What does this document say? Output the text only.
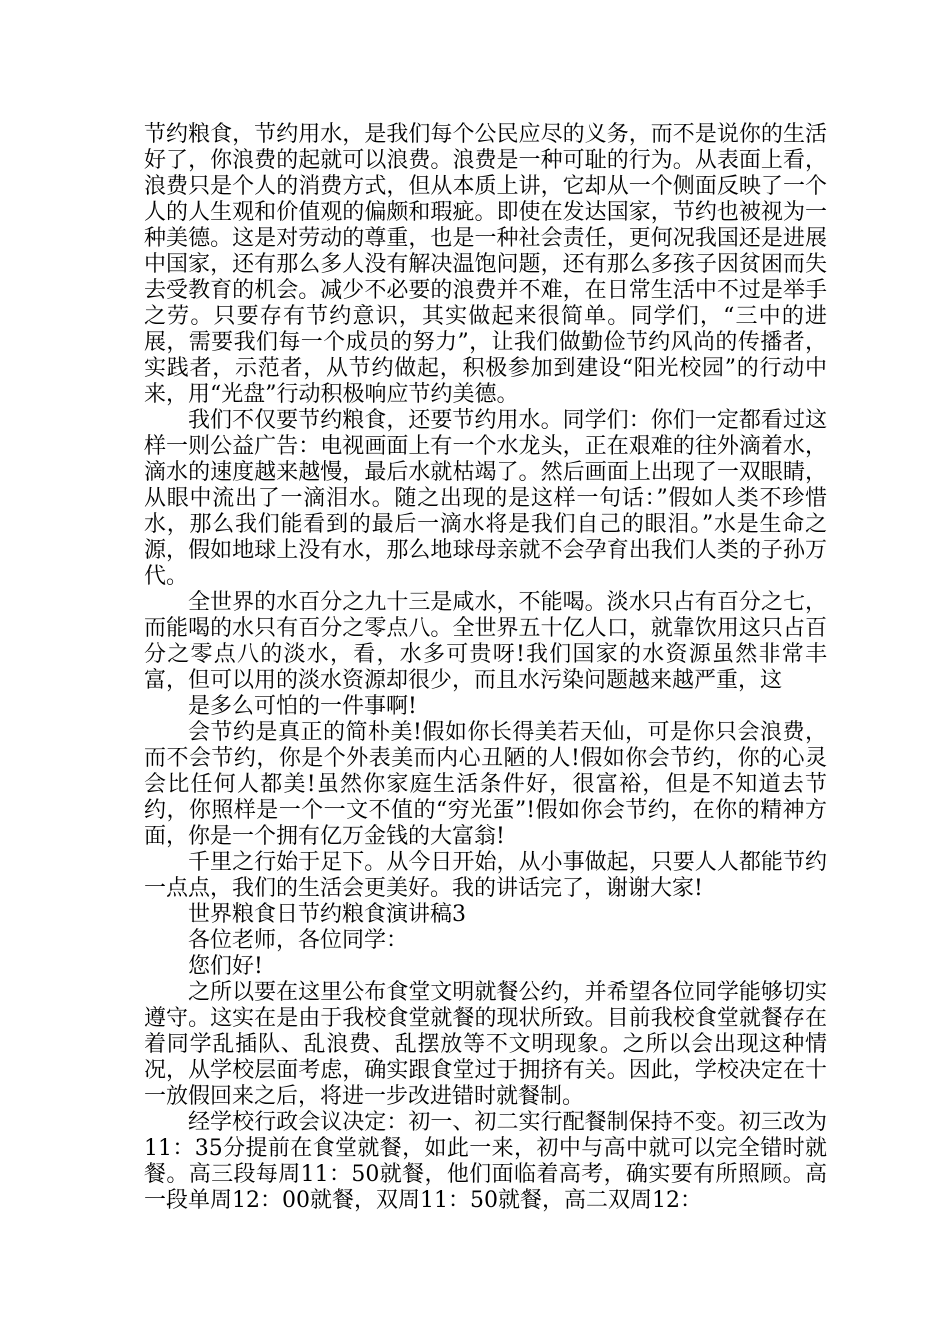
节约粮食，节约用水，是我们每个公民应尽的义务，而不是说你的生活好了，你浪费的起就可以浪费。浪费是一种可耻的行为。从表面上看，浪费只是个人的消费方式，但从本质上讲，它却从一个侧面反映了一个人的人生观和价值观的偏颇和瑕疵。即使在发达国家，节约也被视为一种美德。这是对劳动的尊重，也是一种社会责任，更何况我国还是进展中国家，还有那么多人没有解决温饱问题，还有那么多孩子因贫困而失去受教育的机会。减少不必要的浪费并不难，在日常生活中不过是举手之劳。只要存有节约意识，其实做起来很简单。同学们，“三中的进展，需要我们每一个成员的努力”，让我们做勤俭节约风尚的传播者，实践者，示范者，从节约做起，积极参加到建设“阳光校园”的行动中来，用“光盘”行动积极响应节约美德。

我们不仅要节约粮食，还要节约用水。同学们：你们一定都看过这样一则公益广告：电视画面上有一个水龙头，正在艰难的往外滴着水，滴水的速度越来越慢，最后水就枯竭了。然后画面上出现了一双眼睛，从眼中流出了一滴泪水。随之出现的是这样一句话：”假如人类不珍惜水，那么我们能看到的最后一滴水将是我们自己的眼泪。”水是生命之源，假如地球上没有水，那么地球母亲就不会孕育出我们人类的子孙万代。

全世界的水百分之九十三是咸水，不能喝。淡水只占有百分之七，而能喝的水只有百分之零点八。全世界五十亿人口，就靠饮用这只占百分之零点八的淡水，看，水多可贵呀!我们国家的水资源虽然非常丰富，但可以用的淡水资源却很少，而且水污染问题越来越严重，这

是多么可怕的一件事啊!

会节约是真正的简朴美!假如你长得美若天仙，可是你只会浪费，而不会节约，你是个外表美而内心丑陋的人!假如你会节约，你的心灵会比任何人都美!虽然你家庭生活条件好，很富裕，但是不知道去节约，你照样是一个一文不值的“穷光蛋”!假如你会节约，在你的精神方面，你是一个拥有亿万金钱的大富翁!

千里之行始于足下。从今日开始，从小事做起，只要人人都能节约一点点，我们的生活会更美好。我的讲话完了，谢谢大家!

世界粮食日节约粮食演讲稿3

各位老师，各位同学：

您们好!

之所以要在这里公布食堂文明就餐公约，并希望各位同学能够切实遵守。这实在是由于我校食堂就餐的现状所致。目前我校食堂就餐存在着同学乱插队、乱浪费、乱摆放等不文明现象。之所以会出现这种情况，从学校层面考虑，确实跟食堂过于拥挤有关。因此，学校决定在十一放假回来之后，将进一步改进错时就餐制。

经学校行政会议决定：初一、初二实行配餐制保持不变。初三改为11：35分提前在食堂就餐，如此一来，初中与高中就可以完全错时就餐。高三段每周11：50就餐，他们面临着高考，确实要有所照顾。高一段单周12：00就餐，双周11：50就餐，高二双周12：
